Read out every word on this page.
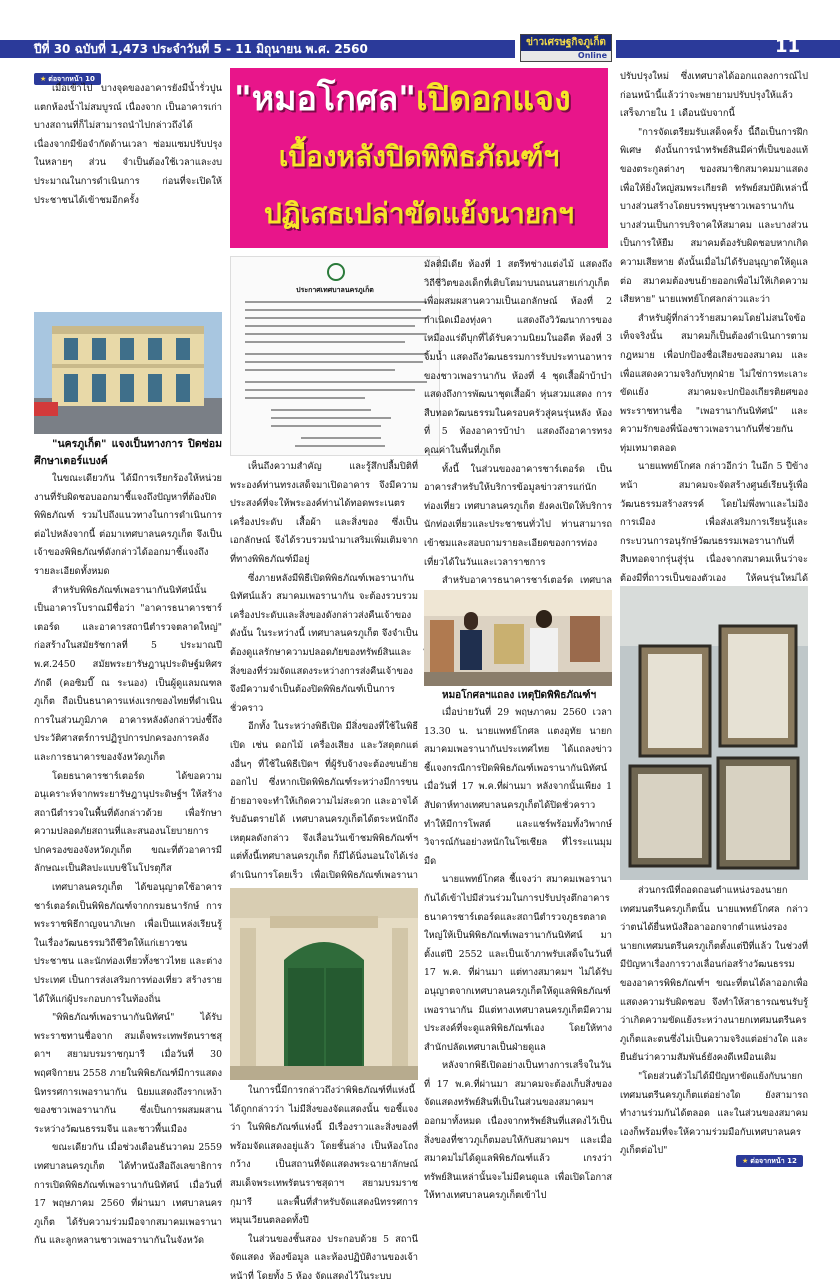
ปีที่ 30 ฉบับที่ 1,473 ประจำวันที่ 5 - 11 มิถุนายน พ.ศ. 2560	ข่าวเศรษฐกิจภูเก็ต
Online	11
★ ต่อจากหน้า 10

เมื่อเข้าไป บางจุดของอาคารยังมีน้ำรั่วปูนแตกห้องน้ำไม่สมบูรณ์ เนื่องจาก เป็นอาคารเก่า บางสถานที่ก็ไม่สามารถนำไปกล่าวถึงได้ เนื่องจากมีข้อจำกัดด้านเวลา ซ่อมแซมปรับปรุง ในหลายๆ ส่วน จำเป็นต้องใช้เวลาและงบประมาณในการดำเนินการ ก่อนที่จะเปิดให้ประชาชนได้เข้าชมอีกครั้ง

"นครภูเก็ต" แจงเป็นทางการ ปิดซ่อมศึกษาเตอร์แบงค์

ในขณะเดียวกัน ได้มีการเรียกร้องให้หน่วยงานที่รับผิดชอบออกมาชี้แจงถึงปัญหาที่ต้องปิดพิพิธภัณฑ์ รวมไปถึงแนวทางในการดำเนินการต่อไปหลังจากนี้ ต่อมาเทศบาลนครภูเก็ต จึงเป็นเจ้าของพิพิธภัณฑ์ดังกล่าวได้ออกมาชี้แจงถึงรายละเอียดทั้งหมด

สำหรับพิพิธภัณฑ์เพอรานากันนิทัศน์นั้น เป็นอาคารโบราณมีชื่อว่า "อาคารธนาคารชาร์เตอร์ด และอาคารสถานีตำรวจตลาดใหญ่" ก่อสร้างในสมัยรัชกาลที่ 5 ประมาณปี พ.ศ.2450 สมัยพระยารัษฎานุประดิษฐ์มหิศรภักดี (คอซิมบี๊ ณ ระนอง) เป็นผู้ดูแลมณฑลภูเก็ต ถือเป็นธนาคารแห่งแรกของไทยที่ดำเนินการในส่วนภูมิภาค อาคารหลังดังกล่าวบ่งชี้ถึงประวัติศาสตร์การปฏิรูปการปกครองการคลังและการธนาคารของจังหวัดภูเก็ต

โดยธนาคารชาร์เตอร์ด ได้ขอความอนุเคราะห์จากพระยารัษฎานุประดิษฐ์ฯ ให้สร้างสถานีตำรวจในพื้นที่ดังกล่าวด้วย เพื่อรักษาความปลอดภัยสถานที่และสนองนโยบายการปกครองของจังหวัดภูเก็ต ขณะที่ตัวอาคารมีลักษณะเป็นศิลปะแบบชิโนโปรตุกีส

เทศบาลนครภูเก็ต ได้ขอนุญาตใช้อาคารชาร์เตอร์ดเป็นพิพิธภัณฑ์จากกรมธนารักษ์ การพระราชพิธีกาญจนาภิเษก เพื่อเป็นแหล่งเรียนรู้ในเรื่องวัฒนธรรมวิถีชีวิตให้แก่เยาวชน ประชาชน และนักท่องเที่ยวทั้งชาวไทย และต่างประเทศ เป็นการส่งเสริมการท่องเที่ยว สร้างรายได้ให้แก่ผู้ประกอบการในท้องถิ่น

"พิพิธภัณฑ์เพอรานากันนิทัศน์" ได้รับพระราชทานชื่อจาก สมเด็จพระเทพรัตนราชสุดาฯ สยามบรมราชกุมารี เมื่อวันที่ 30 พฤศจิกายน 2558 ภายในพิพิธภัณฑ์มีการแสดงนิทรรศการเพอรานากัน นิยมแสดงถึงรากเหง้าของชาวเพอรานากัน ซึ่งเป็นการผสมผสานระหว่างวัฒนธรรมจีน และชาวพื้นเมือง

ขณะเดียวกัน เมื่อช่วงเดือนธันวาคม 2559 เทศบาลนครภูเก็ต ได้ทำหนังสือถึงเลขาธิการ การเปิดพิพิธภัณฑ์เพอรานากันนิทัศน์ เมื่อวันที่ 17 พฤษภาคม 2560 ที่ผ่านมา เทศบาลนครภูเก็ต ได้รับความร่วมมือจากสมาคมเพอรานากัน และลูกหลานชาวเพอรานากันในจังหวัด

"หมอโกศล"เปิดอกแจง
เบื้องหลังปิดพิพิธภัณฑ์ฯ
ปฏิเสธเปล่าขัดแย้งนายกฯ
ประกาศเทศบาลนครภูเก็ต

เห็นถึงความสำคัญ และรู้สึกปลื้มปิติที่พระองค์ท่านทรงเสด็จมาเปิดอาคาร จึงมีความประสงค์ที่จะให้พระองค์ท่านได้ทอดพระเนตรเครื่องประดับ เสื้อผ้า และสิ่งของ ซึ่งเป็นเอกลักษณ์ จึงได้รวบรวมนำมาเสริมเพิ่มเติมจากที่ทางพิพิธภัณฑ์มีอยู่

ซึ่งภายหลังมีพิธีเปิดพิพิธภัณฑ์เพอรานากันนิทัศน์แล้ว สมาคมเพอรานากัน จะต้องรวบรวมเครื่องประดับและสิ่งของดังกล่าวส่งคืนเจ้าของ ดังนั้น ในระหว่างนี้ เทศบาลนครภูเก็ต จึงจำเป็นต้องดูแลรักษาความปลอดภัยของทรัพย์สินและสิ่งของที่ร่วมจัดแสดงระหว่างการส่งคืนเจ้าของ จึงมีความจำเป็นต้องปิดพิพิธภัณฑ์เป็นการชั่วคราว

อีกทั้ง ในระหว่างพิธีเปิด มีสิ่งของที่ใช้ในพิธีเปิด เช่น ดอกไม้ เครื่องเสียง และวัสดุตกแต่งอื่นๆ ที่ใช้ในพิธีเปิดฯ ที่ผู้รับจ้างจะต้องขนย้ายออกไป ซึ่งหากเปิดพิพิธภัณฑ์ระหว่างมีการขนย้ายอาจจะทำให้เกิดความไม่สะดวก และอาจได้รับอันตรายได้ เทศบาลนครภูเก็ตได้ตระหนักถึงเหตุผลดังกล่าว จึงเลื่อนวันเข้าชมพิพิธภัณฑ์ฯ แต่ทั้งนี้เทศบาลนครภูเก็ต ก็มีได้นิ่งนอนใจได้เร่งดำเนินการโดยเร็ว เพื่อเปิดพิพิธภัณฑ์เพอรานา

ในการนี้มีการกล่าวถึงว่าพิพิธภัณฑ์ที่แห่งนี้ได้ถูกกล่าวว่า ไม่มีสิ่งของจัดแสดงนั้น ขอชี้แจงว่า ในพิพิธภัณฑ์แห่งนี้ มีเรื่องราวและสิ่งของที่พร้อมจัดแสดงอยู่แล้ว โดยชั้นล่าง เป็นห้องโถงกว้าง เป็นสถานที่จัดแสดงพระฉายาลักษณ์สมเด็จพระเทพรัตนราชสุดาฯ สยามบรมราชกุมารี และพื้นที่สำหรับจัดแสดงนิทรรศการหมุนเวียนตลอดทั้งปี

ในส่วนของชั้นสอง ประกอบด้วย 5 สถานีจัดแสดง ห้องข้อมูล และห้องปฏิบัติงานของเจ้าหน้าที่ โดยทั้ง 5 ห้อง จัดแสดงไว้ในระบบ

มัลติมีเดีย ห้องที่ 1 สตรีทช่างแต่งไม้ แสดงถึงวิถีชีวิตของเด็กที่เติบโตมาบนถนนสายเก่าภูเก็ต เพื่อผสมผสานความเป็นเอกลักษณ์ ห้องที่ 2 กำเนิดเมืองทุ่งคา แสดงถึงวิวัฒนาการของเหมืองแร่ดีบุกที่ได้รับความนิยมในอดีต ห้องที่ 3 จิ้มน้ำ แสดงถึงวัฒนธรรมการรับประทานอาหารของชาวเพอรานากัน ห้องที่ 4 ชุดเสื้อผ้าบ้าบ๋า แสดงถึงการพัฒนาชุดเสื้อผ้า หุ่นสวมแสดง การสืบทอดวัฒนธรรมในครอบครัวสู่คนรุ่นหลัง ห้องที่ 5 ห้องอาคารบ้าบ๋า แสดงถึงอาคารทรงคุณค่าในพื้นที่ภูเก็ต

ทั้งนี้ ในส่วนของอาคารชาร์เตอร์ด เป็นอาคารสำหรับให้บริการข้อมูลข่าวสารแก่นักท่องเที่ยว เทศบาลนครภูเก็ต ยังคงเปิดให้บริการนักท่องเที่ยวและประชาชนทั่วไป ท่านสามารถเข้าชมและสอบถามรายละเอียดของการท่องเที่ยวได้ในวันและเวลาราชการ

สำหรับอาคารธนาคารชาร์เตอร์ด เทศบาล

หมอโกศลฯแถลง เหตุปิดพิพิธภัณฑ์ฯ

เมื่อบ่ายวันที่ 29 พฤษภาคม 2560 เวลา 13.30 น. นายแพทย์โกศล แตงอุทัย นายกสมาคมเพอรานากันประเทศไทย ได้แถลงข่าวชี้แจงกรณีการปิดพิพิธภัณฑ์เพอรานากันนิทัศน์ เมื่อวันที่ 17 พ.ค.ที่ผ่านมา หลังจากนั้นเพียง 1 สัปดาห์ทางเทศบาลนครภูเก็ตได้ปิดชั่วคราว ทำให้มีการโพสต์ และแชร์พร้อมทั้งวิพากษ์วิจารณ์กันอย่างหนักในโซเชียล ที่ไรระแนมุมมืด

นายแพทย์โกศล ชี้แจงว่า สมาคมเพอรานากันได้เข้าไปมีส่วนร่วมในการปรับปรุงตึกอาคารธนาคารชาร์เตอร์ดและสถานีตำรวจภูธรตลาดใหญ่ให้เป็นพิพิธภัณฑ์เพอรานากันนิทัศน์ มาตั้งแต่ปี 2552 และเป็นเจ้าภาพรับเสด็จในวันที่ 17 พ.ค. ที่ผ่านมา แต่ทางสมาคมฯ ไม่ได้รับอนุญาตจากเทศบาลนครภูเก็ตให้ดูแลพิพิธภัณฑ์เพอรานากัน มีแต่ทางเทศบาลนครภูเก็ตมีความประสงค์ที่จะดูแลพิพิธภัณฑ์เอง โดยให้ทางสำนักปลัดเทศบาลเป็นฝ่ายดูแล

หลังจากพิธีเปิดอย่างเป็นทางการเสร็จในวันที่ 17 พ.ค.ที่ผ่านมา สมาคมจะต้องเก็บสิ่งของจัดแสดงทรัพย์สินที่เป็นในส่วนของสมาคมฯ ออกมาทั้งหมด เนื่องจากทรัพย์สินที่แสดงไว้เป็นสิ่งของที่ชาวภูเก็ตมอบให้กับสมาคมฯ และเมื่อสมาคมไม่ได้ดูแลพิพิธภัณฑ์แล้ว เกรงว่าทรัพย์สินเหล่านั้นจะไม่มีคนดูแล เพื่อเปิดโอกาสให้ทางเทศบาลนครภูเก็ตเข้าไป

ปรับปรุงใหม่ ซึ่งเทศบาลได้ออกแถลงการณ์ไปก่อนหน้านี้แล้วว่าจะพยายามปรับปรุงให้แล้วเสร็จภายใน 1 เดือนนับจากนี้

"การจัดเตรียมรับเสด็จครั้ง นี้ถือเป็นการฝึกพิเศษ ดังนั้นการนำทรัพย์สินมีค่าที่เป็นของแท้ของตระกูลต่างๆ ของสมาชิกสมาคมมาแสดงเพื่อให้ยิ่งใหญ่สมพระเกียรติ ทรัพย์สมบัติเหล่านี้บางส่วนสร้างโดยบรรพบุรุษชาวเพอรานากัน บางส่วนเป็นการบริจาคให้สมาคม และบางส่วนเป็นการให้ยืม สมาคมต้องรับผิดชอบหากเกิดความเสียหาย ดังนั้นเมื่อไม่ได้รับอนุญาตให้ดูแลต่อ สมาคมต้องขนย้ายออกเพื่อไม่ให้เกิดความเสียหาย" นายแพทย์โกศลกล่าวและว่า

สำหรับผู้ที่กล่าวร้ายสมาคมโดยไม่สนใจข้อเท็จจริงนั้น สมาคมก็เป็นต้องดำเนินการตามกฎหมาย เพื่อปกป้องชื่อเสียงของสมาคม และเพื่อแสดงความจริงกับทุกฝ่าย ไม่ใช่การทะเลาะขัดแย้ง สมาคมจะปกป้องเกียรติยศของพระราชทานชื่อ "เพอรานากันนิทัศน์" และความรักของพี่น้องชาวเพอรานากันที่ช่วยกันทุ่มเทมาตลอด

นายแพทย์โกศล กล่าวอีกว่า ในอีก 5 ปีข้างหน้า สมาคมจะจัดสร้างศูนย์เรียนรู้เพื่อวัฒนธรรมสร้างสรรค์ โดยไม่พึ่งพาและไม่อิงการเมือง เพื่อส่งเสริมการเรียนรู้และกระบวนการอนุรักษ์วัฒนธรรมเพอรานากันที่สืบทอดจากรุ่นสู่รุ่น เนื่องจากสมาคมเห็นว่าจะต้องมีที่ถาวรเป็นของตัวเอง ให้คนรุ่นใหม่ได้

ส่วนกรณีที่ถอดถอนตำแหน่งรองนายกเทศมนตรีนครภูเก็ตนั้น นายแพทย์โกศล กล่าวว่าตนได้ยื่นหนังสือลาออกจากตำแหน่งรองนายกเทศมนตรีนครภูเก็ตตั้งแต่ปีที่แล้ว ในช่วงที่มีปัญหาเรื่องการวางเลื่อนก่อสร้างวัฒนธรรมของอาคารพิพิธภัณฑ์ฯ ขณะที่ตนได้ลาออกเพื่อแสดงความรับผิดชอบ จึงทำให้สาธารณชนรับรู้ว่าเกิดความขัดแย้งระหว่างนายกเทศมนตรีนครภูเก็ตและตนซึ่งไม่เป็นความจริงแต่อย่างใด และยืนยันว่าความสัมพันธ์ยังคงดีเหมือนเดิม

"โดยส่วนตัวไม่ได้มีปัญหาขัดแย้งกับนายกเทศมนตรีนครภูเก็ตแต่อย่างใด ยังสามารถทำงานร่วมกันได้ตลอด และในส่วนของสมาคมเองก็พร้อมที่จะให้ความร่วมมือกับเทศบาลนครภูเก็ตต่อไป"

★ ต่อจากหน้า 12
